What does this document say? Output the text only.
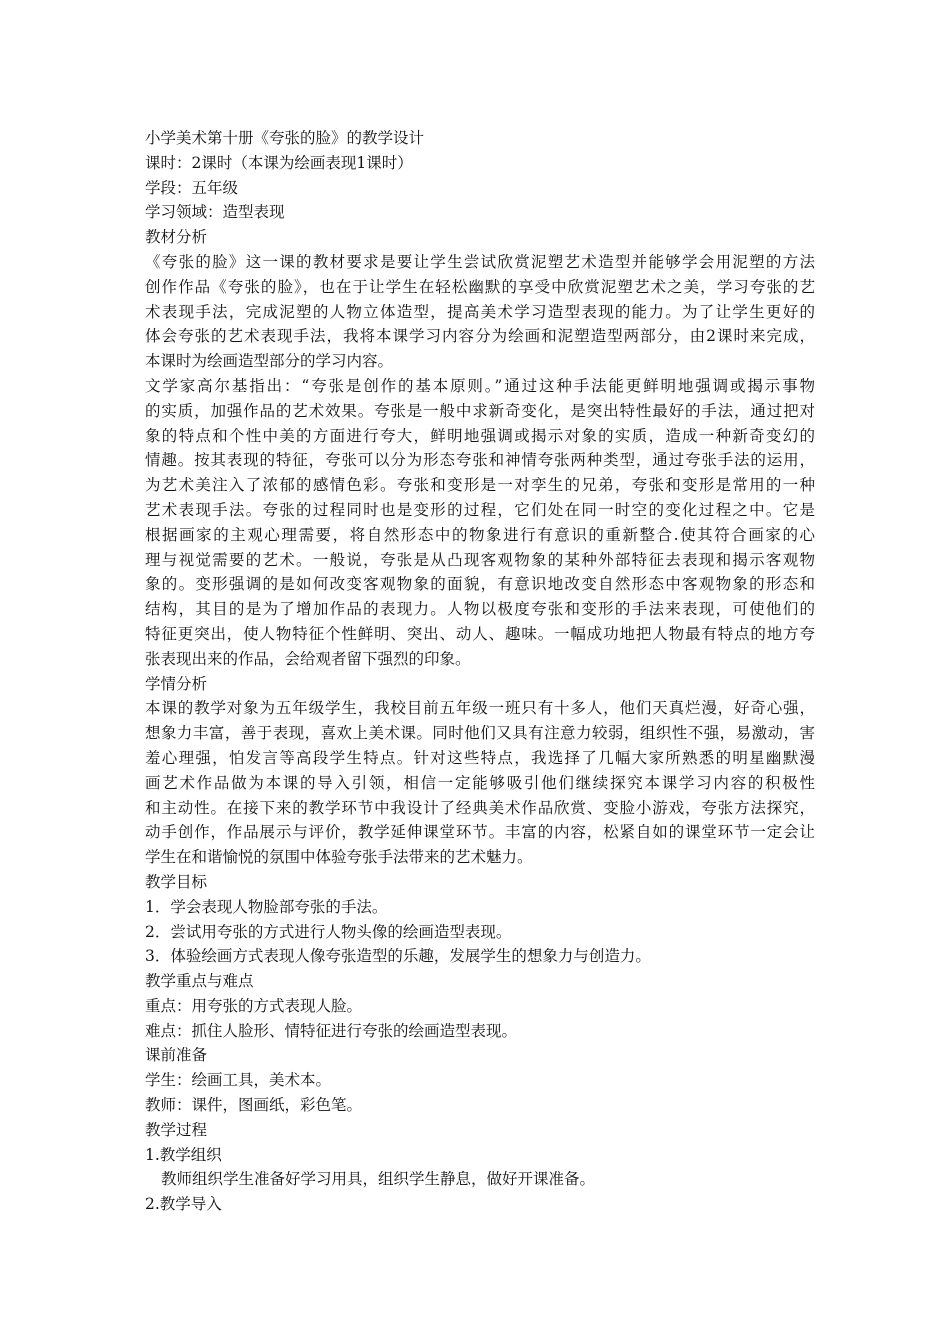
小学美术第十册《夸张的脸》的教学设计
课时：2课时（本课为绘画表现1课时）
学段：五年级
学习领域：造型表现
教材分析
《夸张的脸》这一课的教材要求是要让学生尝试欣赏泥塑艺术造型并能够学会用泥塑的方法
创作作品《夸张的脸》，也在于让学生在轻松幽默的享受中欣赏泥塑艺术之美，学习夸张的艺
术表现手法，完成泥塑的人物立体造型，提高美术学习造型表现的能力。为了让学生更好的
体会夸张的艺术表现手法，我将本课学习内容分为绘画和泥塑造型两部分，由2课时来完成，
本课时为绘画造型部分的学习内容。
文学家高尔基指出：“夸张是创作的基本原则。”通过这种手法能更鲜明地强调或揭示事物
的实质，加强作品的艺术效果。夸张是一般中求新奇变化，是突出特性最好的手法，通过把对
象的特点和个性中美的方面进行夸大，鲜明地强调或揭示对象的实质，造成一种新奇变幻的
情趣。按其表现的特征，夸张可以分为形态夸张和神情夸张两种类型，通过夸张手法的运用，
为艺术美注入了浓郁的感情色彩。夸张和变形是一对孪生的兄弟，夸张和变形是常用的一种
艺术表现手法。夸张的过程同时也是变形的过程，它们处在同一时空的变化过程之中。它是
根据画家的主观心理需要，将自然形态中的物象进行有意识的重新整合.使其符合画家的心
理与视觉需要的艺术。一般说，夸张是从凸现客观物象的某种外部特征去表现和揭示客观物
象的。变形强调的是如何改变客观物象的面貌，有意识地改变自然形态中客观物象的形态和
结构，其目的是为了增加作品的表现力。人物以极度夸张和变形的手法来表现，可使他们的
特征更突出，使人物特征个性鲜明、突出、动人、趣味。一幅成功地把人物最有特点的地方夸
张表现出来的作品，会给观者留下强烈的印象。
学情分析
本课的教学对象为五年级学生，我校目前五年级一班只有十多人，他们天真烂漫，好奇心强，
想象力丰富，善于表现，喜欢上美术课。同时他们又具有注意力较弱，组织性不强，易激动，害
羞心理强，怕发言等高段学生特点。针对这些特点，我选择了几幅大家所熟悉的明星幽默漫
画艺术作品做为本课的导入引领，相信一定能够吸引他们继续探究本课学习内容的积极性
和主动性。在接下来的教学环节中我设计了经典美术作品欣赏、变脸小游戏，夸张方法探究，
动手创作，作品展示与评价，教学延伸课堂环节。丰富的内容，松紧自如的课堂环节一定会让
学生在和谐愉悦的氛围中体验夸张手法带来的艺术魅力。
教学目标
1．学会表现人物脸部夸张的手法。
2．尝试用夸张的方式进行人物头像的绘画造型表现。
3．体验绘画方式表现人像夸张造型的乐趣，发展学生的想象力与创造力。
教学重点与难点
重点：用夸张的方式表现人脸。
难点：抓住人脸形、情特征进行夸张的绘画造型表现。
课前准备
学生：绘画工具，美术本。
教师：课件，图画纸，彩色笔。
教学过程
1.教学组织
教师组织学生准备好学习用具，组织学生静息，做好开课准备。
2.教学导入
